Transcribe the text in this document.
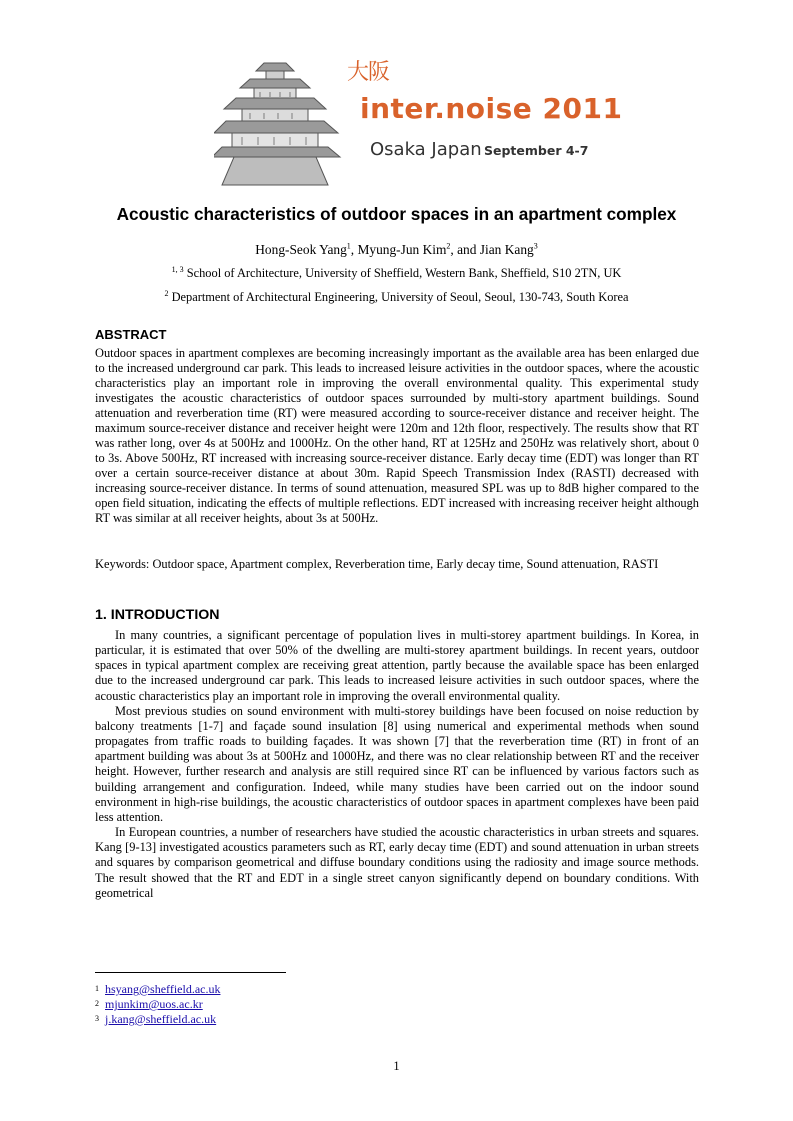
大阪
inter.noise 2011
Osaka Japan September 4-7
Acoustic characteristics of outdoor spaces in an apartment complex
Hong-Seok Yang$^1$, Myung-Jun Kim$^2$, and Jian Kang$^3$
$^{1, 3}$ School of Architecture, University of Sheffield, Western Bank, Sheffield, S10 2TN, UK
$^2$ Department of Architectural Engineering, University of Seoul, Seoul, 130-743, South Korea
ABSTRACT
Outdoor spaces in apartment complexes are becoming increasingly important as the available area has been enlarged due to the increased underground car park. This leads to increased leisure activities in the outdoor spaces, where the acoustic characteristics play an important role in improving the overall environmental quality. This experimental study investigates the acoustic characteristics of outdoor spaces surrounded by multi-story apartment buildings. Sound attenuation and reverberation time (RT) were measured according to source-receiver distance and receiver height. The maximum source-receiver distance and receiver height were 120m and 12th floor, respectively. The results show that RT was rather long, over 4s at 500Hz and 1000Hz. On the other hand, RT at 125Hz and 250Hz was relatively short, about 0 to 3s. Above 500Hz, RT increased with increasing source-receiver distance. Early decay time (EDT) was longer than RT over a certain source-receiver distance at about 30m. Rapid Speech Transmission Index (RASTI) decreased with increasing source-receiver distance. In terms of sound attenuation, measured SPL was up to 8dB higher compared to the open field situation, indicating the effects of multiple reflections. EDT increased with increasing receiver height although RT was similar at all receiver heights, about 3s at 500Hz.
Keywords: Outdoor space, Apartment complex, Reverberation time, Early decay time, Sound attenuation, RASTI
1. INTRODUCTION

In many countries, a significant percentage of population lives in multi-storey apartment buildings. In Korea, in particular, it is estimated that over 50% of the dwelling are multi-storey apartment buildings. In recent years, outdoor spaces in typical apartment complex are receiving great attention, partly because the available space has been enlarged due to the increased underground car park. This leads to increased leisure activities in such outdoor spaces, where the acoustic characteristics play an important role in improving the overall environmental quality.

Most previous studies on sound environment with multi-storey buildings have been focused on noise reduction by balcony treatments [1-7] and façade sound insulation [8] using numerical and experimental methods when sound propagates from traffic roads to building façades. It was shown [7] that the reverberation time (RT) in front of an apartment building was about 3s at 500Hz and 1000Hz, and there was no clear relationship between RT and the receiver height. However, further research and analysis are still required since RT can be influenced by various factors such as building arrangement and configuration. Indeed, while many studies have been carried out on the indoor sound environment in high-rise buildings, the acoustic characteristics of outdoor spaces in apartment complexes have been paid less attention.

In European countries, a number of researchers have studied the acoustic characteristics in urban streets and squares. Kang [9-13] investigated acoustics parameters such as RT, early decay time (EDT) and sound attenuation in urban streets and squares by comparison geometrical and diffuse boundary conditions using the radiosity and image source methods. The result showed that the RT and EDT in a single street canyon significantly depend on boundary conditions. With geometrical

1 hsyang@sheffield.ac.uk
2 mjunkim@uos.ac.kr
3 j.kang@sheffield.ac.uk
1
